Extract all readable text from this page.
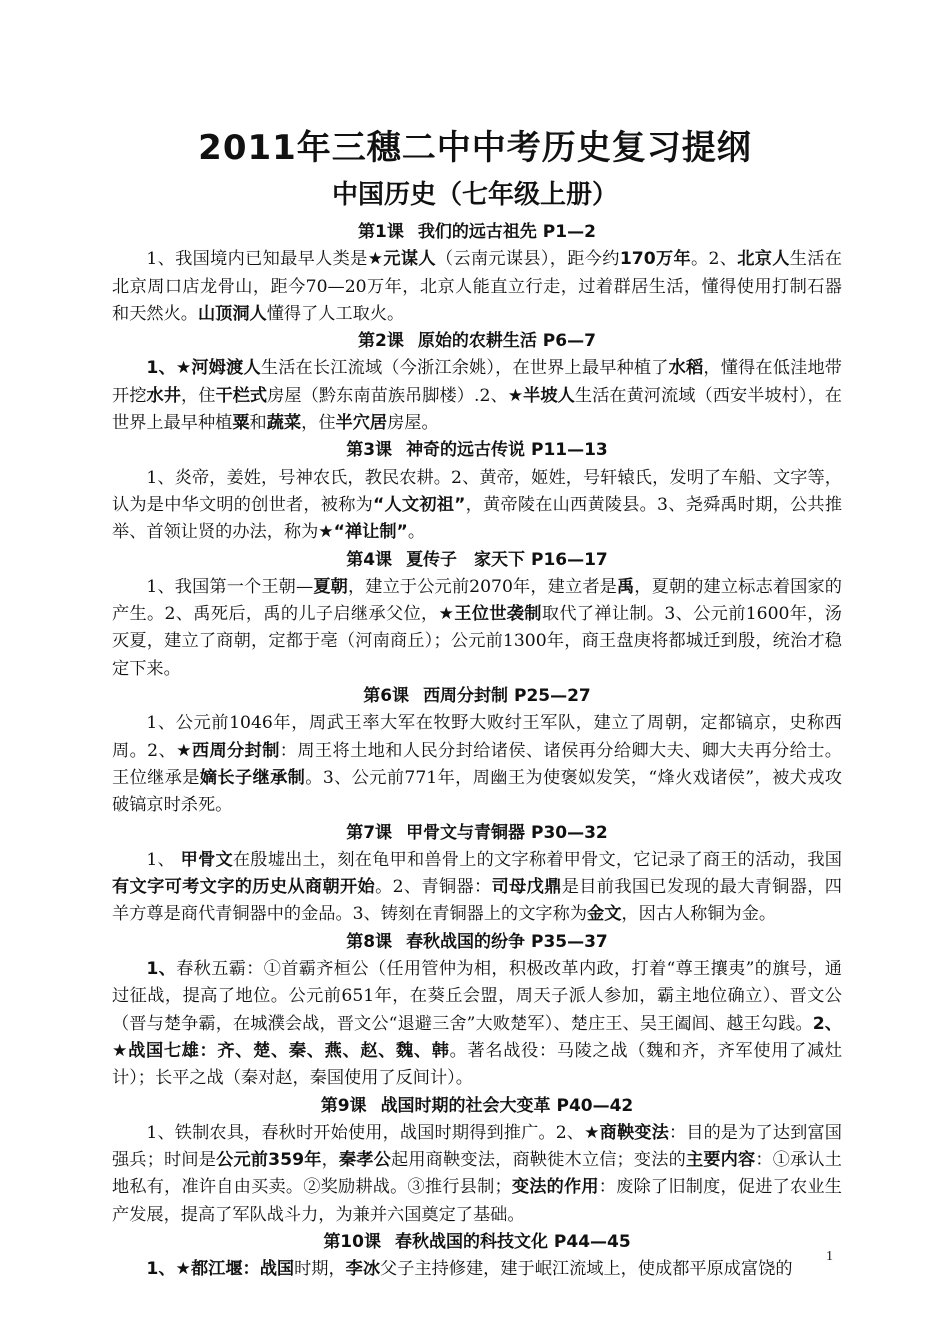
2011年三穗二中中考历史复习提纲
中国历史（七年级上册）
第1课 我们的远古祖先 P1—2

1、我国境内已知最早人类是★元谋人（云南元谋县），距今约170万年。2、北京人生活在北京周口店龙骨山，距今70—20万年，北京人能直立行走，过着群居生活，懂得使用打制石器和天然火。山顶洞人懂得了人工取火。

第2课 原始的农耕生活 P6—7

1、★河姆渡人生活在长江流域（今浙江余姚），在世界上最早种植了水稻，懂得在低洼地带开挖水井，住干栏式房屋（黔东南苗族吊脚楼）.2、★半坡人生活在黄河流域（西安半坡村），在世界上最早种植粟和蔬菜，住半穴居房屋。

第3课 神奇的远古传说 P11—13

1、炎帝，姜姓，号神农氏，教民农耕。2、黄帝，姬姓，号轩辕氏，发明了车船、文字等，认为是中华文明的创世者，被称为“人文初祖”，黄帝陵在山西黄陵县。3、尧舜禹时期，公共推举、首领让贤的办法，称为★“禅让制”。

第4课 夏传子　家天下 P16—17

1、我国第一个王朝—夏朝，建立于公元前2070年，建立者是禹，夏朝的建立标志着国家的产生。2、禹死后，禹的儿子启继承父位，★王位世袭制取代了禅让制。3、公元前1600年，汤灭夏，建立了商朝，定都于亳（河南商丘）；公元前1300年，商王盘庚将都城迁到殷，统治才稳定下来。

第6课 西周分封制 P25—27

1、公元前1046年，周武王率大军在牧野大败纣王军队，建立了周朝，定都镐京，史称西周。2、★西周分封制：周王将土地和人民分封给诸侯、诸侯再分给卿大夫、卿大夫再分给士。王位继承是嫡长子继承制。3、公元前771年，周幽王为使褒姒发笑，“烽火戏诸侯”，被犬戎攻破镐京时杀死。

第7课 甲骨文与青铜器 P30—32

1、 甲骨文在殷墟出土，刻在龟甲和兽骨上的文字称着甲骨文，它记录了商王的活动，我国有文字可考文字的历史从商朝开始。2、青铜器：司母戊鼎是目前我国已发现的最大青铜器，四羊方尊是商代青铜器中的金品。3、铸刻在青铜器上的文字称为金文，因古人称铜为金。

第8课 春秋战国的纷争 P35—37

1、春秋五霸：①首霸齐桓公（任用管仲为相，积极改革内政，打着“尊王攘夷”的旗号，通过征战，提高了地位。公元前651年，在葵丘会盟，周天子派人参加，霸主地位确立）、晋文公（晋与楚争霸，在城濮会战，晋文公“退避三舍”大败楚军）、楚庄王、吴王阖闾、越王勾践。2、★战国七雄：齐、楚、秦、燕、赵、魏、韩。著名战役：马陵之战（魏和齐，齐军使用了减灶计）；长平之战（秦对赵，秦国使用了反间计）。

第9课 战国时期的社会大变革 P40—42

1、铁制农具，春秋时开始使用，战国时期得到推广。2、★商鞅变法：目的是为了达到富国强兵；时间是公元前359年，秦孝公起用商鞅变法，商鞅徙木立信；变法的主要内容：①承认土地私有，准许自由买卖。②奖励耕战。③推行县制；变法的作用：废除了旧制度，促进了农业生产发展，提高了军队战斗力，为兼并六国奠定了基础。

第10课 春秋战国的科技文化 P44—45

1、★都江堰：战国时期，李冰父子主持修建，建于岷江流域上，使成都平原成富饶的

1
